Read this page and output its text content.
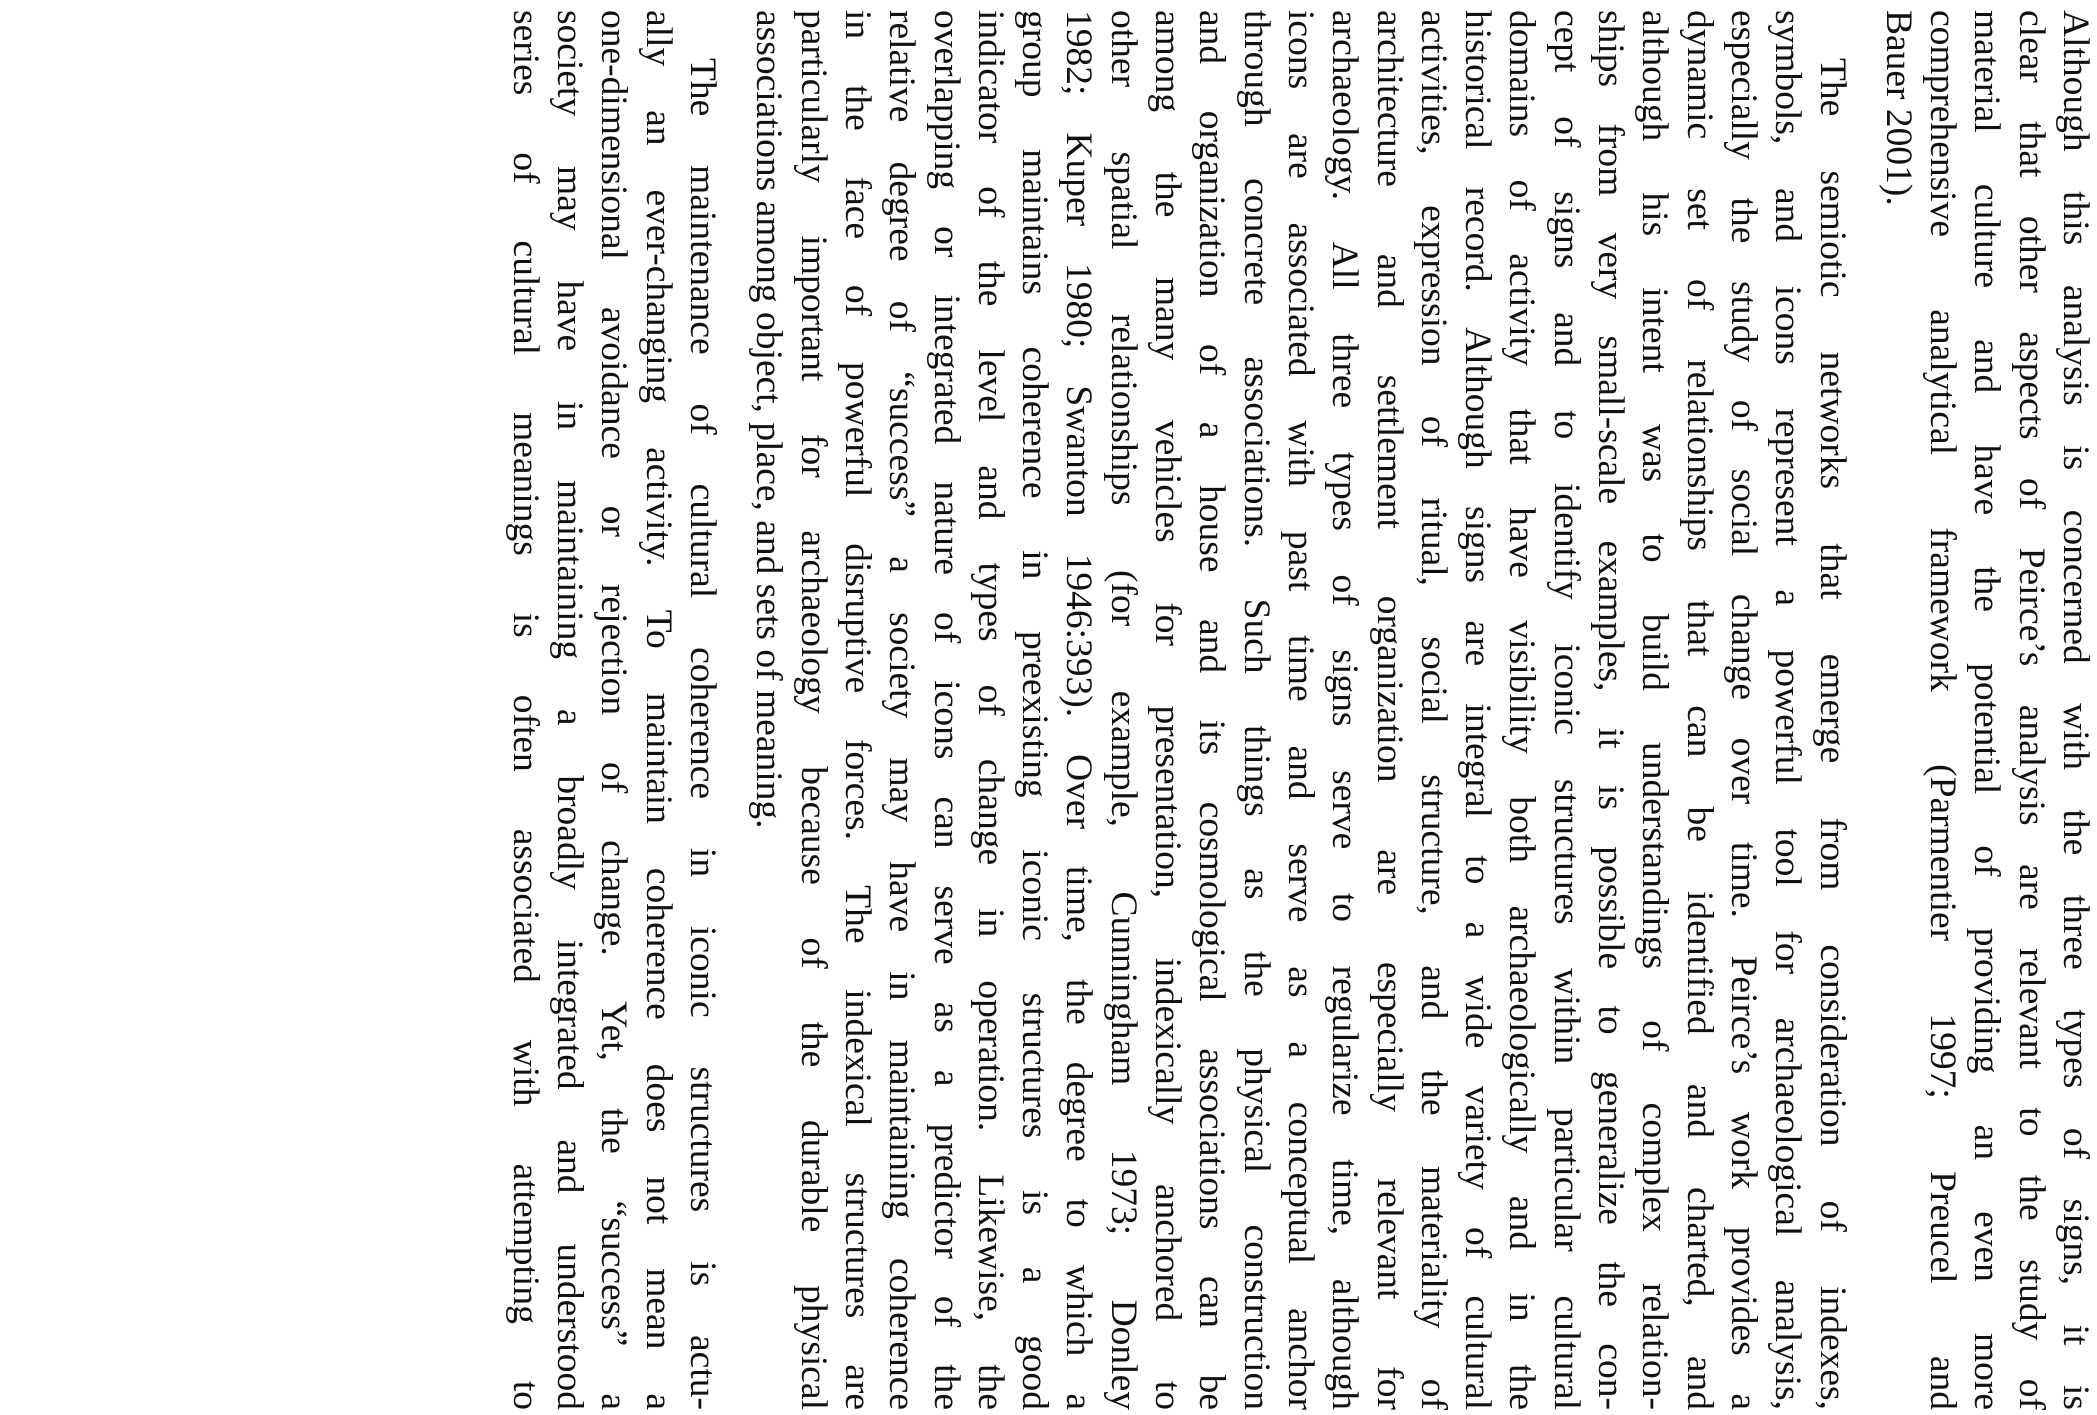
Although this analysis is concerned with the three types of signs, it is
clear that other aspects of Peirce’s analysis are relevant to the study of
material culture and have the potential of providing an even more
comprehensive analytical framework (Parmentier 1997; Preucel and
Bauer 2001).
The semiotic networks that emerge from consideration of indexes,
symbols, and icons represent a powerful tool for archaeological analysis,
especially the study of social change over time. Peirce’s work provides a
dynamic set of relationships that can be identified and charted, and
although his intent was to build understandings of complex relation-
ships from very small-scale examples, it is possible to generalize the con-
cept of signs and to identify iconic structures within particular cultural
domains of activity that have visibility both archaeologically and in the
historical record. Although signs are integral to a wide variety of cultural
activities, expression of ritual, social structure, and the materiality of
architecture and settlement organization are especially relevant for
archaeology. All three types of signs serve to regularize time, although
icons are associated with past time and serve as a conceptual anchor
through concrete associations. Such things as the physical construction
and organization of a house and its cosmological associations can be
among the many vehicles for presentation, indexically anchored to
other spatial relationships (for example, Cunningham 1973; Donley
1982; Kuper 1980; Swanton 1946:393). Over time, the degree to which a
group maintains coherence in preexisting iconic structures is a good
indicator of the level and types of change in operation. Likewise, the
overlapping or integrated nature of icons can serve as a predictor of the
relative degree of “success” a society may have in maintaining coherence
in the face of powerful disruptive forces. The indexical structures are
particularly important for archaeology because of the durable physical
associations among object, place, and sets of meaning.
The maintenance of cultural coherence in iconic structures is actu-
ally an ever-changing activity. To maintain coherence does not mean a
one-dimensional avoidance or rejection of change. Yet, the “success” a
society may have in maintaining a broadly integrated and understood
series of cultural meanings is often associated with attempting to
